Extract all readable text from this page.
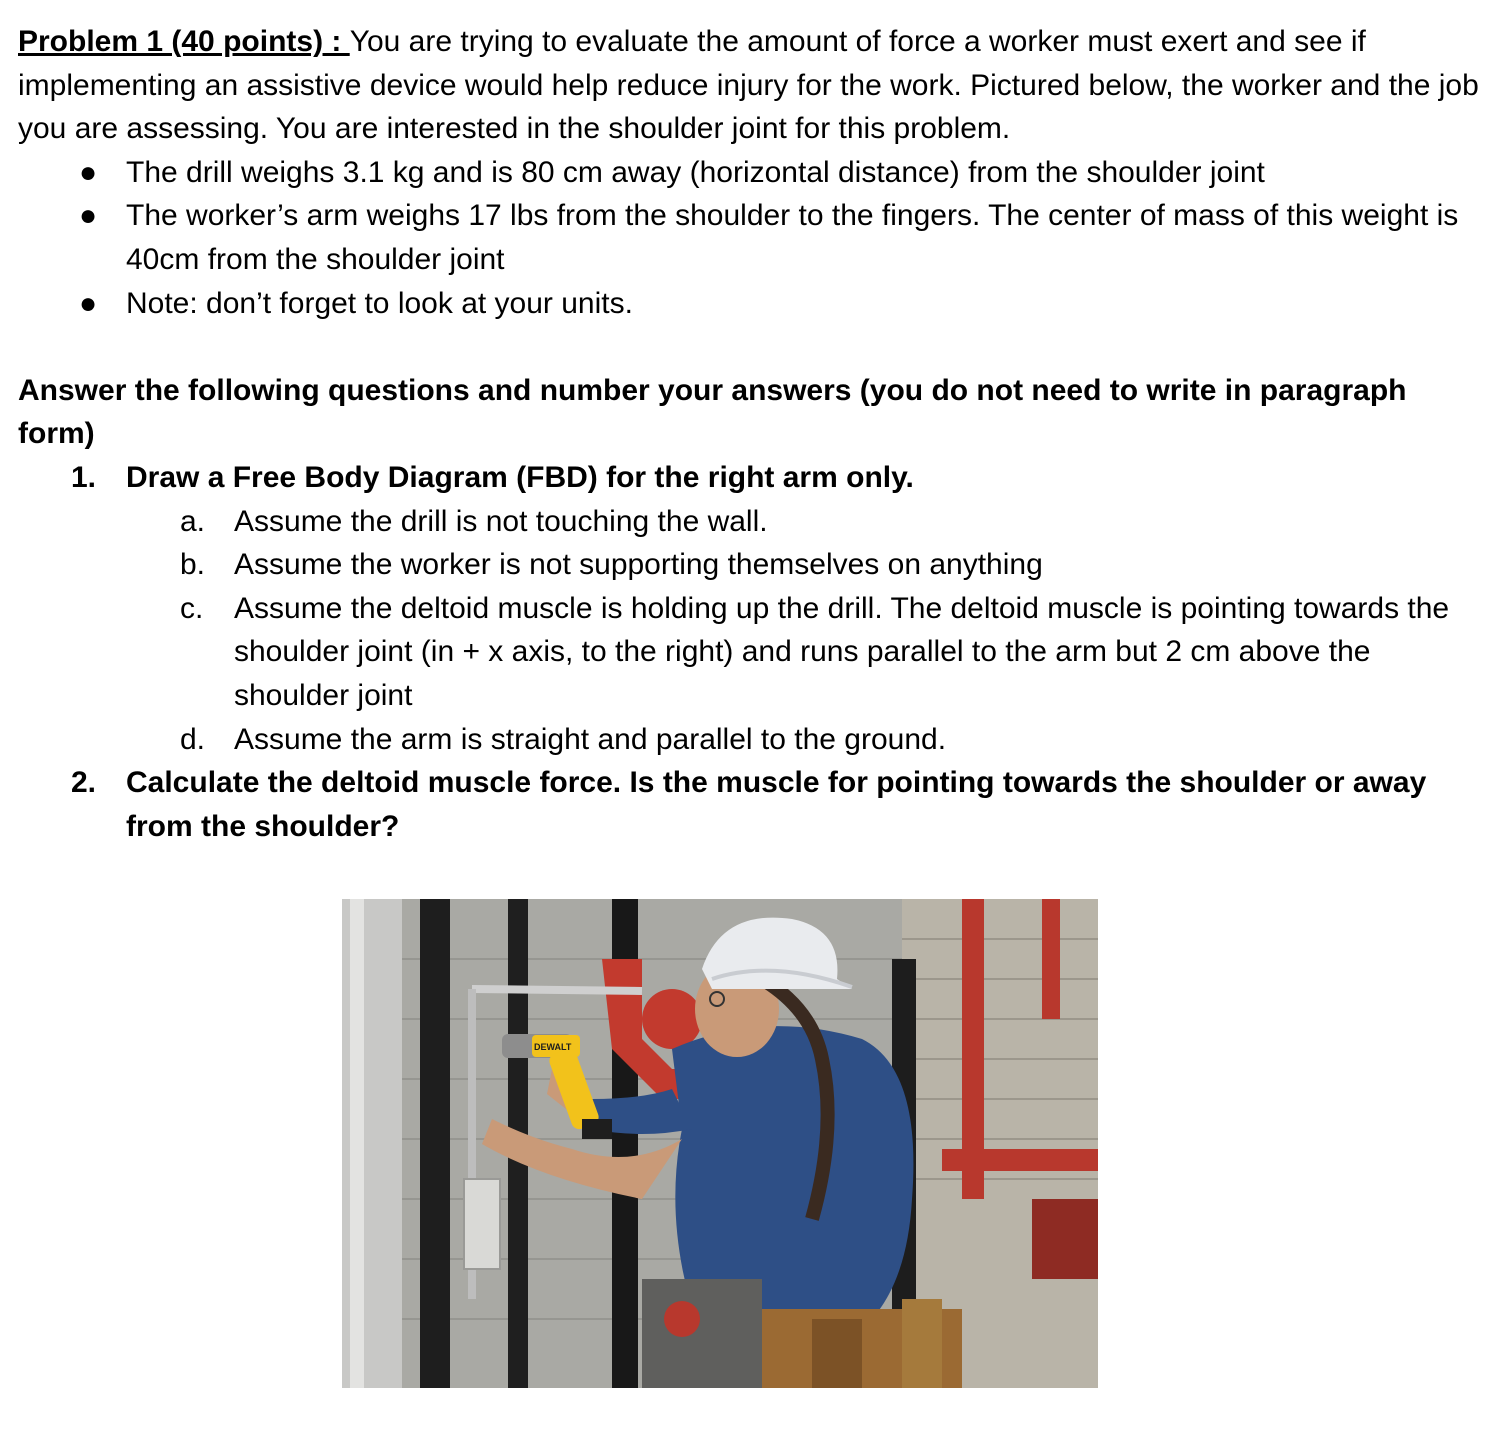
Problem 1 (40 points) : You are trying to evaluate the amount of force a worker must exert and see if implementing an assistive device would help reduce injury for the work. Pictured below, the worker and the job you are assessing. You are interested in the shoulder joint for this problem.

● The drill weighs 3.1 kg and is 80 cm away (horizontal distance) from the shoulder joint
● The worker’s arm weighs 17 lbs from the shoulder to the fingers. The center of mass of this weight is 40cm from the shoulder joint
● Note: don’t forget to look at your units.

Answer the following questions and number your answers (you do not need to write in paragraph form)

1. Draw a Free Body Diagram (FBD) for the right arm only.
a. Assume the drill is not touching the wall.
b. Assume the worker is not supporting themselves on anything
c. Assume the deltoid muscle is holding up the drill. The deltoid muscle is pointing towards the shoulder joint (in + x axis, to the right) and runs parallel to the arm but 2 cm above the shoulder joint
d. Assume the arm is straight and parallel to the ground.
2. Calculate the deltoid muscle force. Is the muscle for pointing towards the shoulder or away from the shoulder?
DEWALT
